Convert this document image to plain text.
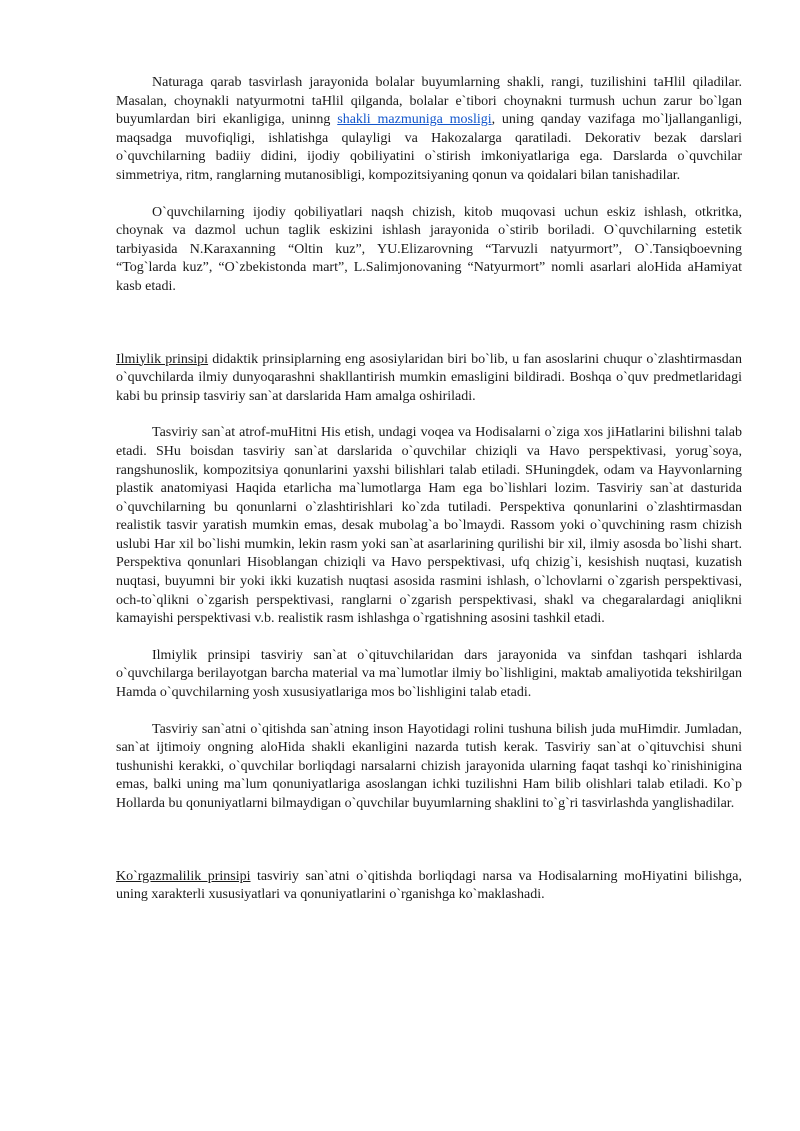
Naturaga qarab tasvirlash jarayonida bolalar buyumlarning shakli, rangi, tuzilishini taHlil qiladilar. Masalan, choynakli natyurmotni taHlil qilganda, bolalar e`tibori choynakni turmush uchun zarur bo`lgan buyumlardan biri ekanligiga, uninng shakli mazmuniga mosligi, uning qanday vazifaga mo`ljallanganligi, maqsadga muvofiqligi, ishlatishga qulayligi va Hakozalarga qaratiladi. Dekorativ bezak darslari o`quvchilarning badiiy didini, ijodiy qobiliyatini o`stirish imkoniyatlariga ega. Darslarda o`quvchilar simmetriya, ritm, ranglarning mutanosibligi, kompozitsiyaning qonun va qoidalari bilan tanishadilar.

O`quvchilarning ijodiy qobiliyatlari naqsh chizish, kitob muqovasi uchun eskiz ishlash, otkritka, choynak va dazmol uchun taglik eskizini ishlash jarayonida o`stirib boriladi. O`quvchilarning estetik tarbiyasida N.Karaxanning “Oltin kuz”, YU.Elizarovning “Tarvuzli natyurmort”, O`.Tansiqboevning “Tog`larda kuz”, “O`zbekistonda mart”, L.Salimjonovaning “Natyurmort” nomli asarlari aloHida aHamiyat kasb etadi.

Ilmiylik prinsipi didaktik prinsiplarning eng asosiylaridan biri bo`lib, u fan asoslarini chuqur o`zlashtirmasdan o`quvchilarda ilmiy dunyoqarashni shakllantirish mumkin emasligini bildiradi. Boshqa o`quv predmetlaridagi kabi bu prinsip tasviriy san`at darslarida Ham amalga oshiriladi.

Tasviriy san`at atrof-muHitni His etish, undagi voqea va Hodisalarni o`ziga xos jiHatlarini bilishni talab etadi. SHu boisdan tasviriy san`at darslarida o`quvchilar chiziqli va Havo perspektivasi, yorug`soya, rangshunoslik, kompozitsiya qonunlarini yaxshi bilishlari talab etiladi. SHuningdek, odam va Hayvonlarning plastik anatomiyasi Haqida etarlicha ma`lumotlarga Ham ega bo`lishlari lozim. Tasviriy san`at dasturida o`quvchilarning bu qonunlarni o`zlashtirishlari ko`zda tutiladi. Perspektiva qonunlarini o`zlashtirmasdan realistik tasvir yaratish mumkin emas, desak mubolag`a bo`lmaydi. Rassom yoki o`quvchining rasm chizish uslubi Har xil bo`lishi mumkin, lekin rasm yoki san`at asarlarining qurilishi bir xil, ilmiy asosda bo`lishi shart. Perspektiva qonunlari Hisoblangan chiziqli va Havo perspektivasi, ufq chizig`i, kesishish nuqtasi, kuzatish nuqtasi, buyumni bir yoki ikki kuzatish nuqtasi asosida rasmini ishlash, o`lchovlarni o`zgarish perspektivasi, och-to`qlikni o`zgarish perspektivasi, ranglarni o`zgarish perspektivasi, shakl va chegaralardagi aniqlikni kamayishi perspektivasi v.b. realistik rasm ishlashga o`rgatishning asosini tashkil etadi.

Ilmiylik prinsipi tasviriy san`at o`qituvchilaridan dars jarayonida va sinfdan tashqari ishlarda o`quvchilarga berilayotgan barcha material va ma`lumotlar ilmiy bo`lishligini, maktab amaliyotida tekshirilgan Hamda o`quvchilarning yosh xususiyatlariga mos bo`lishligini talab etadi.

Tasviriy san`atni o`qitishda san`atning inson Hayotidagi rolini tushuna bilish juda muHimdir. Jumladan, san`at ijtimoiy ongning aloHida shakli ekanligini nazarda tutish kerak. Tasviriy san`at o`qituvchisi shuni tushunishi kerakki, o`quvchilar borliqdagi narsalarni chizish jarayonida ularning faqat tashqi ko`rinishinigina emas, balki uning ma`lum qonuniyatlariga asoslangan ichki tuzilishni Ham bilib olishlari talab etiladi. Ko`p Hollarda bu qonuniyatlarni bilmaydigan o`quvchilar buyumlarning shaklini to`g`ri tasvirlashda yanglishadilar.

Ko`rgazmalilik prinsipi tasviriy san`atni o`qitishda borliqdagi narsa va Hodisalarning moHiyatini bilishga, uning xarakterli xususiyatlari va qonuniyatlarini o`rganishga ko`maklashadi.
